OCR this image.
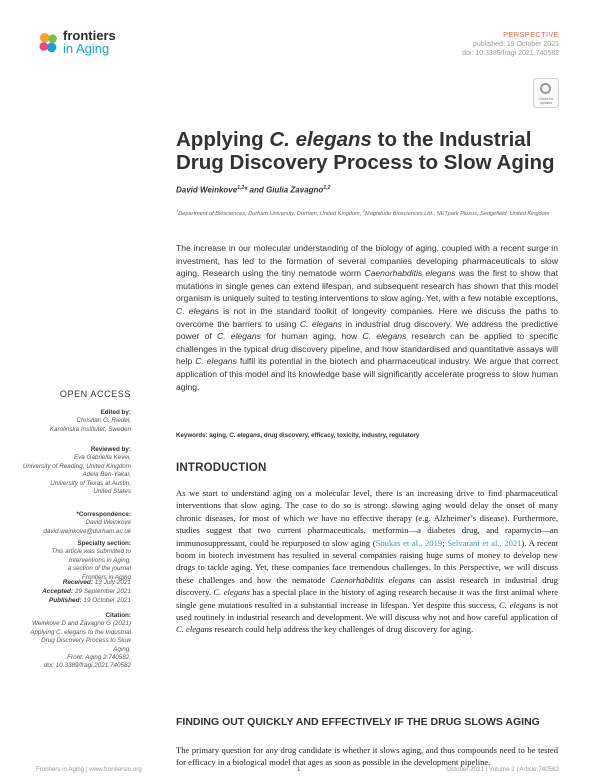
frontiers
in Aging
PERSPECTIVE
published: 19 October 2021
doi: 10.3389/fragi.2021.740582
Check for updates
Applying C. elegans to the Industrial Drug Discovery Process to Slow Aging
David Weinkove$^{1,2}$* and Giulia Zavagno$^{1,2}$
$^1$Department of Biosciences, Durham University, Durham, United Kingdom, $^2$Magnitude Biosciences Ltd., NETpark Plexus, Sedgefield, United Kingdom
The increase in our molecular understanding of the biology of aging, coupled with a recent surge in investment, has led to the formation of several companies developing pharmaceuticals to slow aging. Research using the tiny nematode worm Caenorhabditis elegans was the first to show that mutations in single genes can extend lifespan, and subsequent research has shown that this model organism is uniquely suited to testing interventions to slow aging. Yet, with a few notable exceptions, C. elegans is not in the standard toolkit of longevity companies. Here we discuss the paths to overcome the barriers to using C. elegans in industrial drug discovery. We address the predictive power of C. elegans for human aging, how C. elegans research can be applied to specific challenges in the typical drug discovery pipeline, and how standardised and quantitative assays will help C. elegans fulfil its potential in the biotech and pharmaceutical industry. We argue that correct application of this model and its knowledge base will significantly accelerate progress to slow human aging.
Keywords: aging, C. elegans, drug discovery, efficacy, toxicity, industry, regulatory
INTRODUCTION
As we start to understand aging on a molecular level, there is an increasing drive to find pharmaceutical interventions that slow aging. The case to do so is strong: slowing aging would delay the onset of many chronic diseases, for most of which we have no effective therapy (e.g. Alzheimer’s disease). Furthermore, studies suggest that two current pharmaceuticals, metformin—a diabetes drug, and rapamycin—an immunosuppressant, could be repurposed to slow aging (Soukas et al., 2019; Selvarani et al., 2021). A recent boom in biotech investment has resulted in several companies raising huge sums of money to develop new drugs to tackle aging. Yet, these companies face tremendous challenges. In this Perspective, we will discuss these challenges and how the nematode Caenorhabditis elegans can assist research in industrial drug discovery. C. elegans has a special place in the history of aging research because it was the first animal where single gene mutations resulted in a substantial increase in lifespan. Yet despite this success, C. elegans is not used routinely in industrial research and development. We will discuss why not and how careful application of C. elegans research could help address the key challenges of drug discovery for aging.
FINDING OUT QUICKLY AND EFFECTIVELY IF THE DRUG SLOWS AGING
The primary question for any drug candidate is whether it slows aging, and thus compounds need to be tested for efficacy in a biological model that ages as soon as possible in the development pipeline.
OPEN ACCESS
Edited by:
Christian G. Riedel,
Karolinska Institutet, Sweden
Reviewed by:
Eva Gabriella Kevei,
University of Reading, United Kingdom
Adela Ben-Yakar,
University of Texas at Austin,
United States
*Correspondence:
David Weinkove
david.weinkove@durham.ac.uk
Specialty section:
This article was submitted to
Interventions in Aging,
a section of the journal
Frontiers in Aging
Received: 13 July 2021
Accepted: 29 September 2021
Published: 19 October 2021
Citation:
Weinkove D and Zavagno G (2021)
Applying C. elegans to the Industrial
Drug Discovery Process to Slow
Aging.
Front. Aging 2:740582.
doi: 10.3389/fragi.2021.740582
Frontiers in Aging | www.frontiersin.org	1	October 2021 | Volume 2 | Article 740582
